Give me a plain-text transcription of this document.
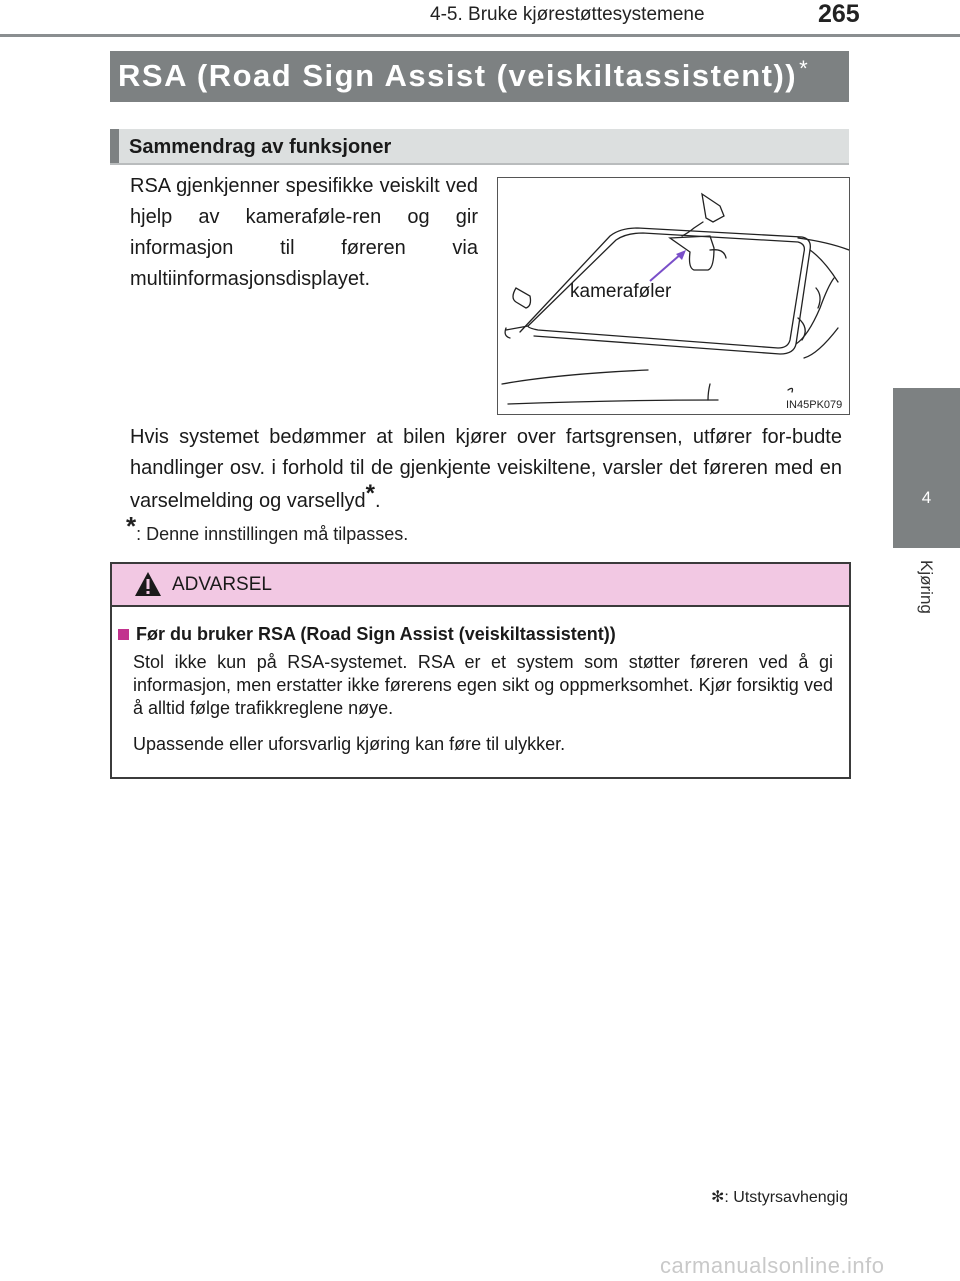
4-5. Bruke kjørestøttesystemene	265
4
Kjøring
RSA (Road Sign Assist (veiskiltassistent))*
Sammendrag av funksjoner
RSA gjenkjenner spesifikke veiskilt ved hjelp av kameraføle-ren og gir informasjon til føreren via multiinformasjonsdisplayet.
kameraføler
IN45PK079
Hvis systemet bedømmer at bilen kjører over fartsgrensen, utfører for-budte handlinger osv. i forhold til de gjenkjente veiskiltene, varsler det føreren med en varselmelding og varsellyd*.
*: Denne innstillingen må tilpasses.
ADVARSEL
Før du bruker RSA (Road Sign Assist (veiskiltassistent))
Stol ikke kun på RSA-systemet. RSA er et system som støtter føreren ved å gi informasjon, men erstatter ikke førerens egen sikt og oppmerksomhet. Kjør forsiktig ved å alltid følge trafikkreglene nøye.
Upassende eller uforsvarlig kjøring kan føre til ulykker.
✻: Utstyrsavhengig
carmanualsonline.info
